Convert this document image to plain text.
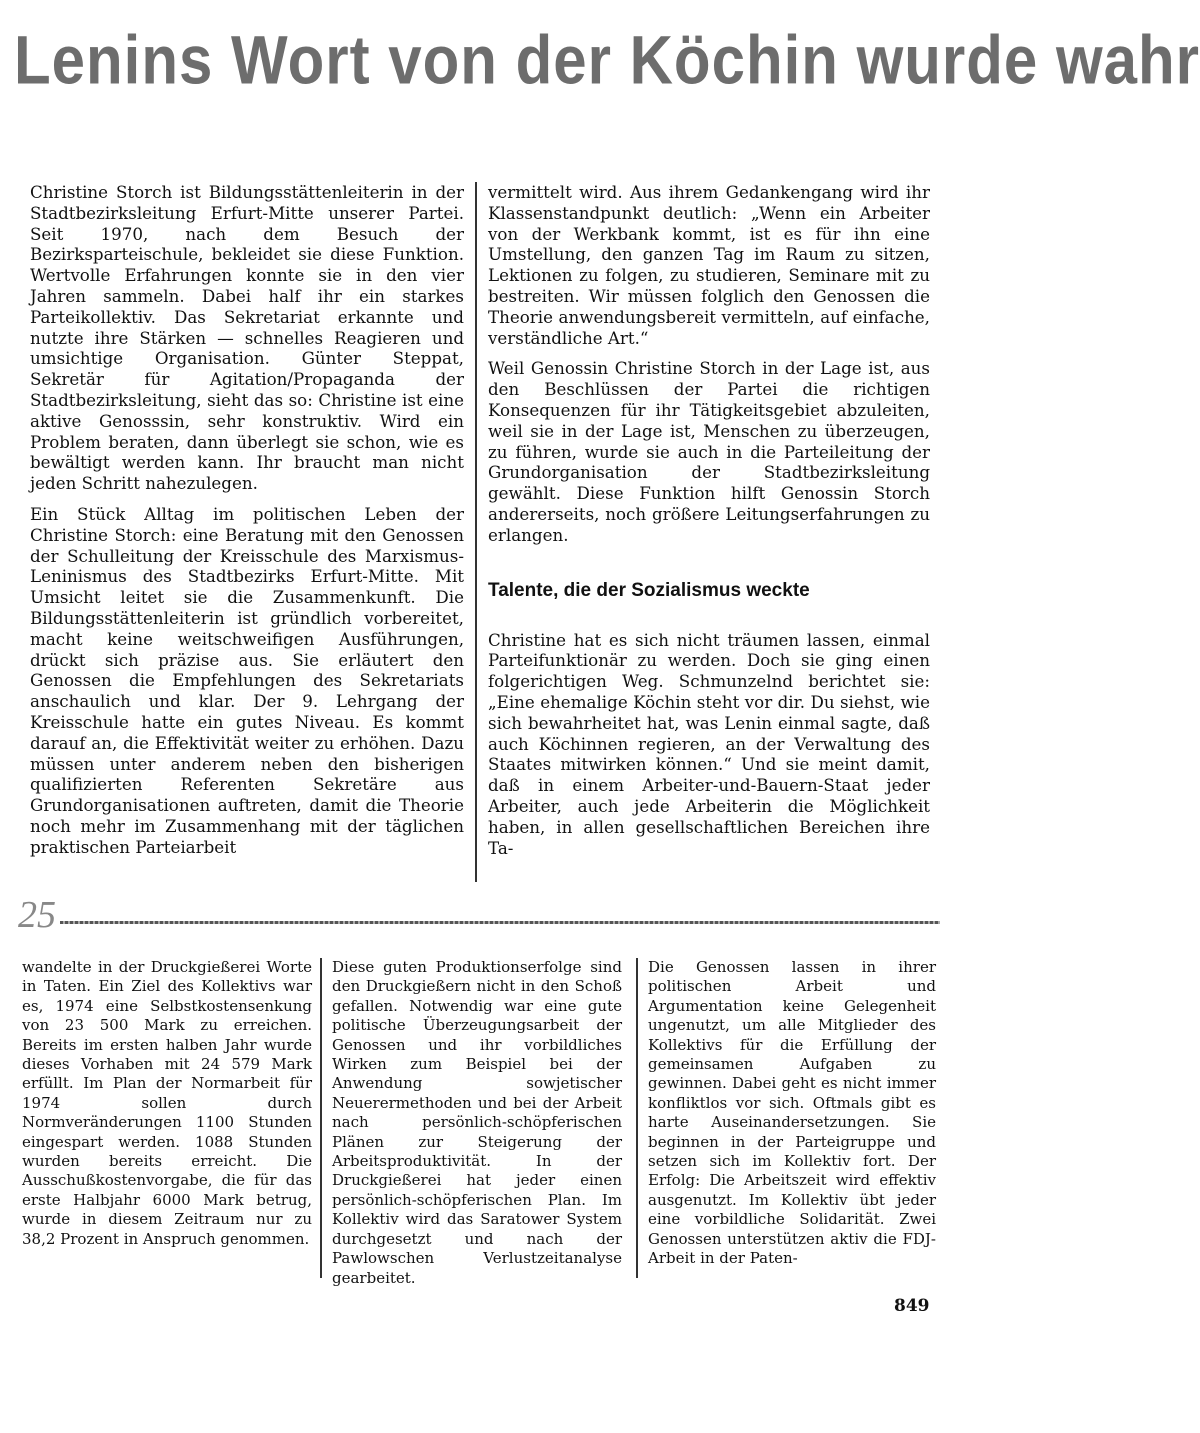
Lenins Wort von der Köchin wurde wahr

Christine Storch ist Bildungsstättenleiterin in der Stadtbezirksleitung Erfurt-Mitte unserer Partei. Seit 1970, nach dem Besuch der Bezirksparteischule, bekleidet sie diese Funktion. Wertvolle Erfahrungen konnte sie in den vier Jahren sammeln. Dabei half ihr ein starkes Parteikollektiv. Das Sekretariat erkannte und nutzte ihre Stärken — schnelles Reagieren und umsichtige Organisation. Günter Steppat, Sekretär für Agitation/Propaganda der Stadtbezirksleitung, sieht das so: Christine ist eine aktive Genosssin, sehr konstruktiv. Wird ein Problem beraten, dann überlegt sie schon, wie es bewältigt werden kann. Ihr braucht man nicht jeden Schritt nahezulegen.

Ein Stück Alltag im politischen Leben der Christine Storch: eine Beratung mit den Genossen der Schulleitung der Kreisschule des Marxismus-Leninismus des Stadtbezirks Erfurt-Mitte. Mit Umsicht leitet sie die Zusammenkunft. Die Bildungsstättenleiterin ist gründlich vorbereitet, macht keine weitschweifigen Ausführungen, drückt sich präzise aus. Sie erläutert den Genossen die Empfehlungen des Sekretariats anschaulich und klar. Der 9. Lehrgang der Kreisschule hatte ein gutes Niveau. Es kommt darauf an, die Effektivität weiter zu erhöhen. Dazu müssen unter anderem neben den bisherigen qualifizierten Referenten Sekretäre aus Grundorganisationen auftreten, damit die Theorie noch mehr im Zusammenhang mit der täglichen praktischen Parteiarbeit

vermittelt wird. Aus ihrem Gedankengang wird ihr Klassenstandpunkt deutlich: „Wenn ein Arbeiter von der Werkbank kommt, ist es für ihn eine Umstellung, den ganzen Tag im Raum zu sitzen, Lektionen zu folgen, zu studieren, Seminare mit zu bestreiten. Wir müssen folglich den Genossen die Theorie anwendungsbereit vermitteln, auf einfache, verständliche Art.“

Weil Genossin Christine Storch in der Lage ist, aus den Beschlüssen der Partei die richtigen Konsequenzen für ihr Tätigkeitsgebiet abzuleiten, weil sie in der Lage ist, Menschen zu überzeugen, zu führen, wurde sie auch in die Parteileitung der Grundorganisation der Stadtbezirksleitung gewählt. Diese Funktion hilft Genossin Storch andererseits, noch größere Leitungserfahrungen zu erlangen.

Talente, die der Sozialismus weckte

Christine hat es sich nicht träumen lassen, einmal Parteifunktionär zu werden. Doch sie ging einen folgerichtigen Weg. Schmunzelnd berichtet sie: „Eine ehemalige Köchin steht vor dir. Du siehst, wie sich bewahrheitet hat, was Lenin einmal sagte, daß auch Köchinnen regieren, an der Verwaltung des Staates mitwirken können.“ Und sie meint damit, daß in einem Arbeiter-und-Bauern-Staat jeder Arbeiter, auch jede Arbeiterin die Möglichkeit haben, in allen gesellschaftlichen Bereichen ihre Ta-

25

wandelte in der Druckgießerei Worte in Taten. Ein Ziel des Kollektivs war es, 1974 eine Selbstkostensenkung von 23 500 Mark zu erreichen. Bereits im ersten halben Jahr wurde dieses Vorhaben mit 24 579 Mark erfüllt. Im Plan der Normarbeit für 1974 sollen durch Normveränderungen 1100 Stunden eingespart werden. 1088 Stunden wurden bereits erreicht. Die Ausschußkostenvorgabe, die für das erste Halbjahr 6000 Mark betrug, wurde in diesem Zeitraum nur zu 38,2 Prozent in Anspruch genommen.

Diese guten Produktionserfolge sind den Druckgießern nicht in den Schoß gefallen. Notwendig war eine gute politische Überzeugungsarbeit der Genossen und ihr vorbildliches Wirken zum Beispiel bei der Anwendung sowjetischer Neuerermethoden und bei der Arbeit nach persönlich-schöpferischen Plänen zur Steigerung der Arbeitsproduktivität. In der Druckgießerei hat jeder einen persönlich-schöpferischen Plan. Im Kollektiv wird das Saratower System durchgesetzt und nach der Pawlowschen Verlustzeitanalyse gearbeitet.

Die Genossen lassen in ihrer politischen Arbeit und Argumentation keine Gelegenheit ungenutzt, um alle Mitglieder des Kollektivs für die Erfüllung der gemeinsamen Aufgaben zu gewinnen. Dabei geht es nicht immer konfliktlos vor sich. Oftmals gibt es harte Auseinandersetzungen. Sie beginnen in der Parteigruppe und setzen sich im Kollektiv fort. Der Erfolg: Die Arbeitszeit wird effektiv ausgenutzt. Im Kollektiv übt jeder eine vorbildliche Solidarität. Zwei Genossen unterstützen aktiv die FDJ-Arbeit in der Paten-

849
